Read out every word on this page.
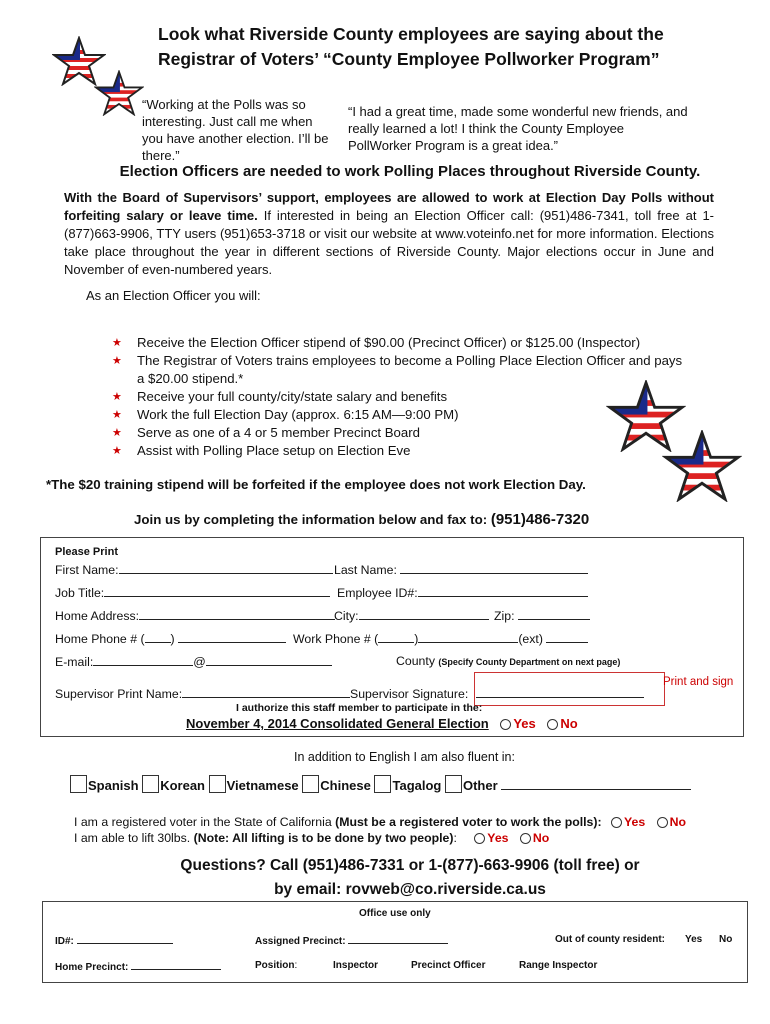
Look what Riverside County employees are saying about the
Registrar of Voters’ “County Employee Pollworker Program”
“Working at the Polls was so interesting. Just call me when you have another election. I’ll be there.”
“I had a great time, made some wonderful new friends, and really learned a lot! I think the County Employee PollWorker Program is a great idea.”
Election Officers are needed to work Polling Places throughout Riverside County.
With the Board of Supervisors’ support, employees are allowed to work at Election Day Polls without forfeiting salary or leave time. If interested in being an Election Officer call: (951)486-7341, toll free at 1-(877)663-9906, TTY users (951)653-3718 or visit our website at www.voteinfo.net for more information. Elections take place throughout the year in different sections of Riverside County. Major elections occur in June and November of even-numbered years.
As an Election Officer you will:
★ Receive the Election Officer stipend of $90.00 (Precinct Officer) or $125.00 (Inspector)
★ The Registrar of Voters trains employees to become a Polling Place Election Officer and pays a $20.00 stipend.*
★ Receive your full county/city/state salary and benefits
★ Work the full Election Day (approx. 6:15 AM—9:00 PM)
★ Serve as one of a 4 or 5 member Precinct Board
★ Assist with Polling Place setup on Election Eve
*The $20 training stipend will be forfeited if the employee does not work Election Day.
Join us by completing the information below and fax to: (951)486-7320
Please Print
First Name:	Last Name:
Job Title:	Employee ID#:
Home Address:	City:	Zip:
Home Phone # ( )	Work Phone # (	)	(ext)
E-mail:	@	County (Specify County Department on next page)
Print and sign
Supervisor Print Name:	Supervisor Signature:
I authorize this staff member to participate in the:
November 4, 2014 Consolidated General Election Yes No
In addition to English I am also fluent in:
Spanish Korean Vietnamese Chinese Tagalog Other
I am a registered voter in the State of California (Must be a registered voter to work the polls): Yes No
I am able to lift 30lbs. (Note: All lifting is to be done by two people): Yes No
Questions? Call (951)486-7331 or 1-(877)-663-9906 (toll free) or
by email: rovweb@co.riverside.ca.us
Office use only
ID#:	Assigned Precinct:	Out of county resident: Yes No
Home Precinct:	Position:	Inspector	Precinct Officer	Range Inspector
